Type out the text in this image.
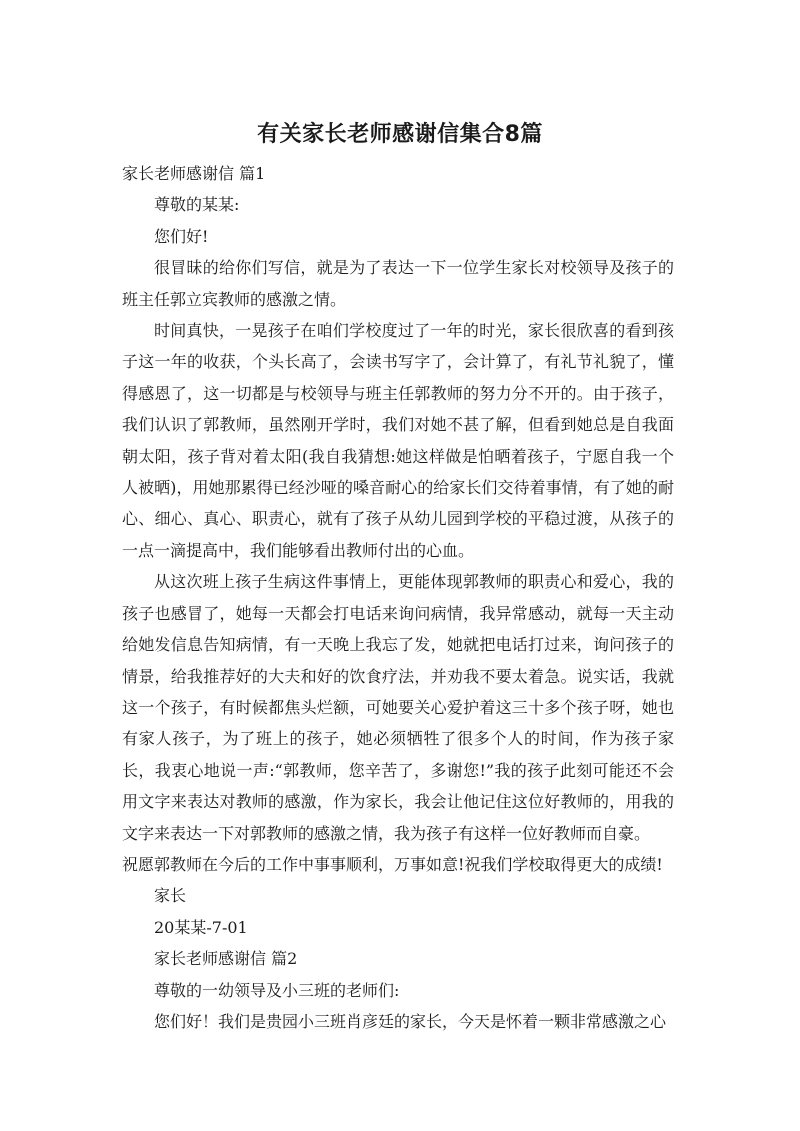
有关家长老师感谢信集合8篇

家长老师感谢信 篇1

尊敬的某某:

您们好!

很冒昧的给你们写信，就是为了表达一下一位学生家长对校领导及孩子的班主任郭立宾教师的感激之情。

时间真快，一晃孩子在咱们学校度过了一年的时光，家长很欣喜的看到孩子这一年的收获，个头长高了，会读书写字了，会计算了，有礼节礼貌了，懂得感恩了，这一切都是与校领导与班主任郭教师的努力分不开的。由于孩子，我们认识了郭教师，虽然刚开学时，我们对她不甚了解，但看到她总是自我面朝太阳，孩子背对着太阳(我自我猜想:她这样做是怕晒着孩子，宁愿自我一个人被晒)，用她那累得已经沙哑的嗓音耐心的给家长们交待着事情，有了她的耐心、细心、真心、职责心，就有了孩子从幼儿园到学校的平稳过渡，从孩子的一点一滴提高中，我们能够看出教师付出的心血。

从这次班上孩子生病这件事情上，更能体现郭教师的职责心和爱心，我的孩子也感冒了，她每一天都会打电话来询问病情，我异常感动，就每一天主动给她发信息告知病情，有一天晚上我忘了发，她就把电话打过来，询问孩子的情景，给我推荐好的大夫和好的饮食疗法，并劝我不要太着急。说实话，我就这一个孩子，有时候都焦头烂额，可她要关心爱护着这三十多个孩子呀，她也有家人孩子，为了班上的孩子，她必须牺牲了很多个人的时间，作为孩子家长，我衷心地说一声:“郭教师，您辛苦了，多谢您!”我的孩子此刻可能还不会用文字来表达对教师的感激，作为家长，我会让他记住这位好教师的，用我的文字来表达一下对郭教师的感激之情，我为孩子有这样一位好教师而自豪。

祝愿郭教师在今后的工作中事事顺利，万事如意!祝我们学校取得更大的成绩!

家长

20某某-7-01

家长老师感谢信 篇2

尊敬的一幼领导及小三班的老师们:

您们好！我们是贵园小三班肖彦廷的家长，今天是怀着一颗非常感激之心
